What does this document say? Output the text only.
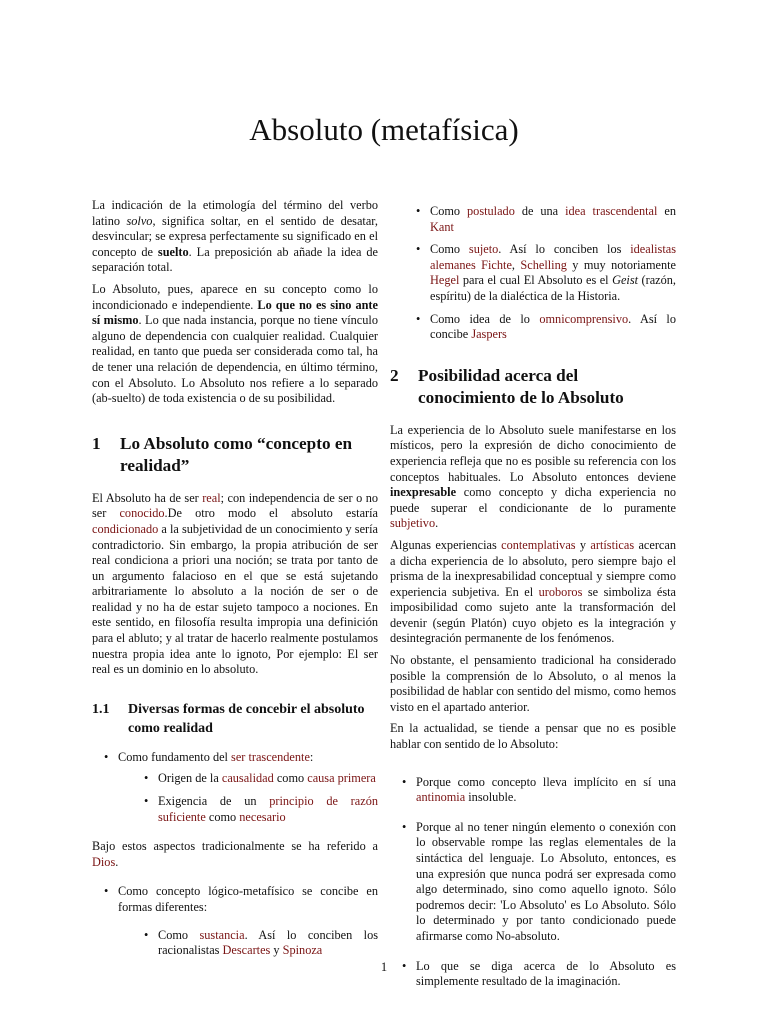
Absoluto (metafísica)

La indicación de la etimología del término del verbo latino solvo, significa soltar, en el sentido de desatar, desvincular; se expresa perfectamente su significado en el concepto de suelto. La preposición ab añade la idea de separación total.

Lo Absoluto, pues, aparece en su concepto como lo incondicionado e independiente. Lo que no es sino ante sí mismo. Lo que nada instancia, porque no tiene vínculo alguno de dependencia con cualquier realidad. Cualquier realidad, en tanto que pueda ser considerada como tal, ha de tener una relación de dependencia, en último término, con el Absoluto. Lo Absoluto nos refiere a lo separado (ab-suelto) de toda existencia o de su posibilidad.

1	Lo Absoluto como “concepto en realidad”

El Absoluto ha de ser real; con independencia de ser o no ser conocido.De otro modo el absoluto estaría condicionado a la subjetividad de un conocimiento y sería contradictorio. Sin embargo, la propia atribución de ser real condiciona a priori una noción; se trata por tanto de un argumento falacioso en el que se está sujetando arbitrariamente lo absoluto a la noción de ser o de realidad y no ha de estar sujeto tampoco a nociones. En este sentido, en filosofía resulta impropia una definición para el abluto; y al tratar de hacerlo realmente postulamos nuestra propia idea ante lo ignoto, Por ejemplo: El ser real es un dominio en lo absoluto.

1.1	Diversas formas de concebir el absoluto como realidad
• Como fundamento del ser trascendente:
• Origen de la causalidad como causa primera
• Exigencia de un principio de razón suficiente como necesario

Bajo estos aspectos tradicionalmente se ha referido a Dios.

• Como concepto lógico-metafísico se concibe en formas diferentes:
• Como sustancia. Así lo conciben los racionalistas Descartes y Spinoza
• Como postulado de una idea trascendental en Kant
• Como sujeto. Así lo conciben los idealistas alemanes Fichte, Schelling y muy notoriamente Hegel para el cual El Absoluto es el Geist (razón, espíritu) de la dialéctica de la Historia.
• Como idea de lo omnicomprensivo. Así lo concibe Jaspers
2	Posibilidad acerca del conocimiento de lo Absoluto

La experiencia de lo Absoluto suele manifestarse en los místicos, pero la expresión de dicho conocimiento de experiencia refleja que no es posible su referencia con los conceptos habituales. Lo Absoluto entonces deviene inexpresable como concepto y dicha experiencia no puede superar el condicionante de lo puramente subjetivo.

Algunas experiencias contemplativas y artísticas acercan a dicha experiencia de lo absoluto, pero siempre bajo el prisma de la inexpresabilidad conceptual y siempre como experiencia subjetiva. En el uroboros se simboliza ésta imposibilidad como sujeto ante la transformación del devenir (según Platón) cuyo objeto es la integración y desintegración permanente de los fenómenos.

No obstante, el pensamiento tradicional ha considerado posible la comprensión de lo Absoluto, o al menos la posibilidad de hablar con sentido del mismo, como hemos visto en el apartado anterior.

En la actualidad, se tiende a pensar que no es posible hablar con sentido de lo Absoluto:

• Porque como concepto lleva implícito en sí una antinomia insoluble.
• Porque al no tener ningún elemento o conexión con lo observable rompe las reglas elementales de la sintáctica del lenguaje. Lo Absoluto, entonces, es una expresión que nunca podrá ser expresada como algo determinado, sino como aquello ignoto. Sólo podremos decir: 'Lo Absoluto' es Lo Absoluto. Sólo lo determinado y por tanto condicionado puede afirmarse como No-absoluto.
• Lo que se diga acerca de lo Absoluto es simplemente resultado de la imaginación.
1
